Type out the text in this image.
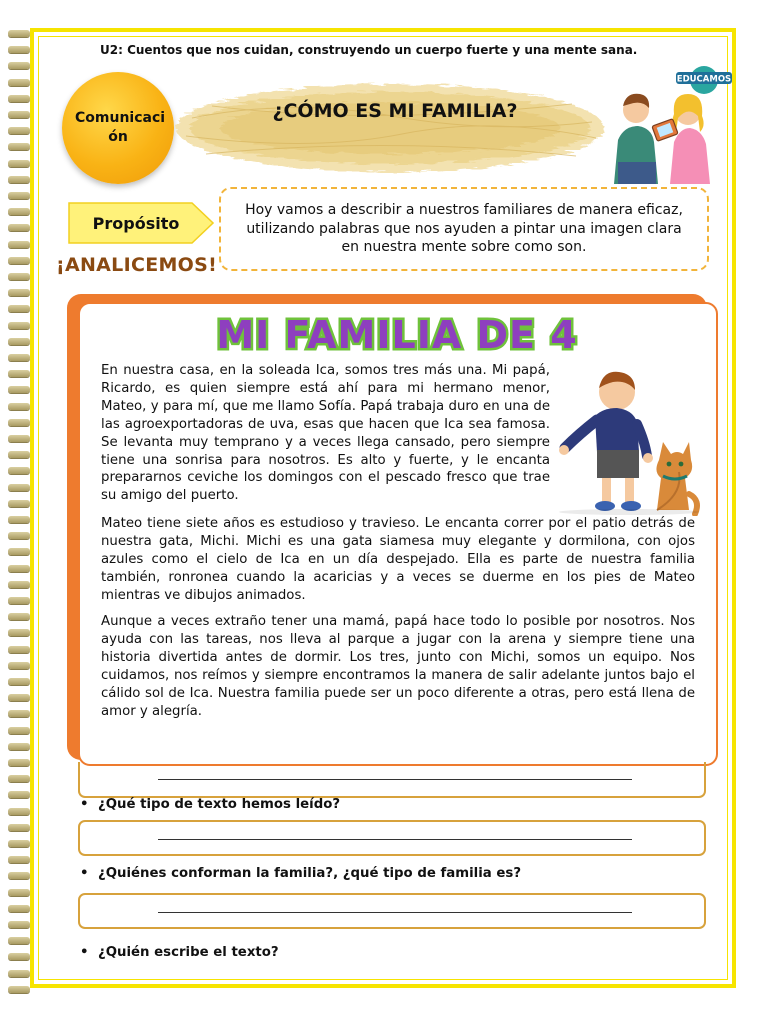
U2: Cuentos que nos cuidan, construyendo un cuerpo fuerte y una mente sana.
Comunicaci
ón
¿CÓMO ES MI FAMILIA?
EDUCAMOS
Propósito
Hoy vamos a describir a nuestros familiares de manera eficaz, utilizando palabras que nos ayuden a pintar una imagen clara en nuestra mente sobre como son.
¡ANALICEMOS!
MI FAMILIA DE 4
En nuestra casa, en la soleada Ica, somos tres más una. Mi papá, Ricardo, es quien siempre está ahí para mi hermano menor, Mateo, y para mí, que me llamo Sofía. Papá trabaja duro en una de las agroexportadoras de uva, esas que hacen que Ica sea famosa. Se levanta muy temprano y a veces llega cansado, pero siempre tiene una sonrisa para nosotros. Es alto y fuerte, y le encanta prepararnos ceviche los domingos con el pescado fresco que trae su amigo del puerto.
Mateo tiene siete años es estudioso y travieso. Le encanta correr por el patio detrás de nuestra gata, Michi. Michi es una gata siamesa muy elegante y dormilona, con ojos azules como el cielo de Ica en un día despejado. Ella es parte de nuestra familia también, ronronea cuando la acaricias y a veces se duerme en los pies de Mateo mientras ve dibujos animados.
Aunque a veces extraño tener una mamá, papá hace todo lo posible por nosotros. Nos ayuda con las tareas, nos lleva al parque a jugar con la arena y siempre tiene una historia divertida antes de dormir. Los tres, junto con Michi, somos un equipo. Nos cuidamos, nos reímos y siempre encontramos la manera de salir adelante juntos bajo el cálido sol de Ica. Nuestra familia puede ser un poco diferente a otras, pero está llena de amor y alegría.
• ¿Qué tipo de texto hemos leído?
• ¿Quiénes conforman la familia?, ¿qué tipo de familia es?
• ¿Quién escribe el texto?
